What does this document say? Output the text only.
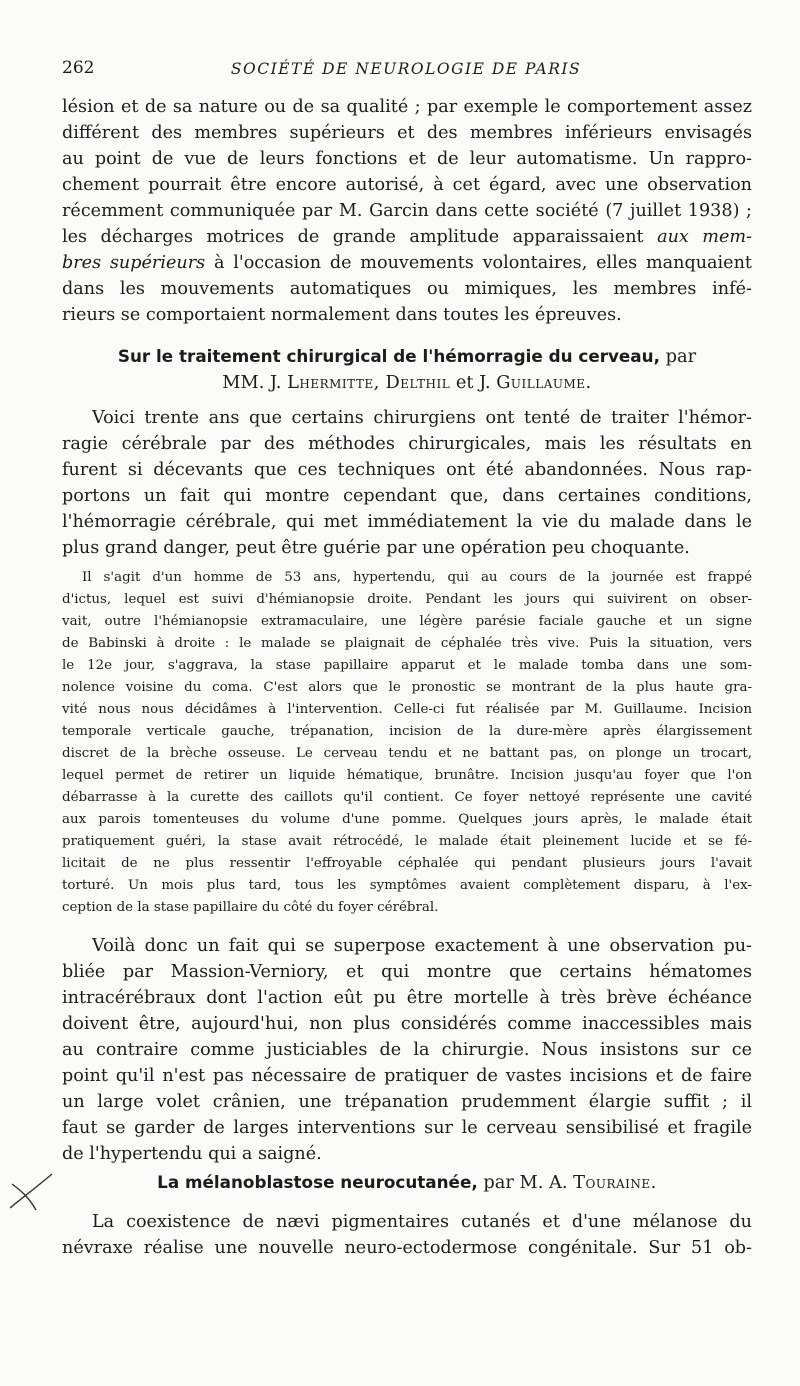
262	SOCIÉTÉ DE NEUROLOGIE DE PARIS
lésion et de sa nature ou de sa qualité ; par exemple le comportement assez
différent des membres supérieurs et des membres inférieurs envisagés
au point de vue de leurs fonctions et de leur automatisme. Un rappro-
chement pourrait être encore autorisé, à cet égard, avec une observation
récemment communiquée par M. Garcin dans cette société (7 juillet 1938) ;
les décharges motrices de grande amplitude apparaissaient aux mem-
bres supérieurs à l'occasion de mouvements volontaires, elles manquaient
dans les mouvements automatiques ou mimiques, les membres infé-
rieurs se comportaient normalement dans toutes les épreuves.
Sur le traitement chirurgical de l'hémorragie du cerveau, par
MM. J. Lhermitte, Delthil et J. Guillaume.
Voici trente ans que certains chirurgiens ont tenté de traiter l'hémor-
ragie cérébrale par des méthodes chirurgicales, mais les résultats en
furent si décevants que ces techniques ont été abandonnées. Nous rap-
portons un fait qui montre cependant que, dans certaines conditions,
l'hémorragie cérébrale, qui met immédiatement la vie du malade dans le
plus grand danger, peut être guérie par une opération peu choquante.
Il s'agit d'un homme de 53 ans, hypertendu, qui au cours de la journée est frappé
d'ictus, lequel est suivi d'hémianopsie droite. Pendant les jours qui suivirent on obser-
vait, outre l'hémianopsie extramaculaire, une légère parésie faciale gauche et un signe
de Babinski à droite : le malade se plaignait de céphalée très vive. Puis la situation, vers
le 12e jour, s'aggrava, la stase papillaire apparut et le malade tomba dans une som-
nolence voisine du coma. C'est alors que le pronostic se montrant de la plus haute gra-
vité nous nous décidâmes à l'intervention. Celle-ci fut réalisée par M. Guillaume. Incision
temporale verticale gauche, trépanation, incision de la dure-mère après élargissement
discret de la brèche osseuse. Le cerveau tendu et ne battant pas, on plonge un trocart,
lequel permet de retirer un liquide hématique, brunâtre. Incision jusqu'au foyer que l'on
débarrasse à la curette des caillots qu'il contient. Ce foyer nettoyé représente une cavité
aux parois tomenteuses du volume d'une pomme. Quelques jours après, le malade était
pratiquement guéri, la stase avait rétrocédé, le malade était pleinement lucide et se fé-
licitait de ne plus ressentir l'effroyable céphalée qui pendant plusieurs jours l'avait
torturé. Un mois plus tard, tous les symptômes avaient complètement disparu, à l'ex-
ception de la stase papillaire du côté du foyer cérébral.
Voilà donc un fait qui se superpose exactement à une observation pu-
bliée par Massion-Verniory, et qui montre que certains hématomes
intracérébraux dont l'action eût pu être mortelle à très brève échéance
doivent être, aujourd'hui, non plus considérés comme inaccessibles mais
au contraire comme justiciables de la chirurgie. Nous insistons sur ce
point qu'il n'est pas nécessaire de pratiquer de vastes incisions et de faire
un large volet crânien, une trépanation prudemment élargie suffit ; il
faut se garder de larges interventions sur le cerveau sensibilisé et fragile
de l'hypertendu qui a saigné.
La mélanoblastose neurocutanée, par M. A. Touraine.
La coexistence de nævi pigmentaires cutanés et d'une mélanose du
névraxe réalise une nouvelle neuro-ectodermose congénitale. Sur 51 ob-
